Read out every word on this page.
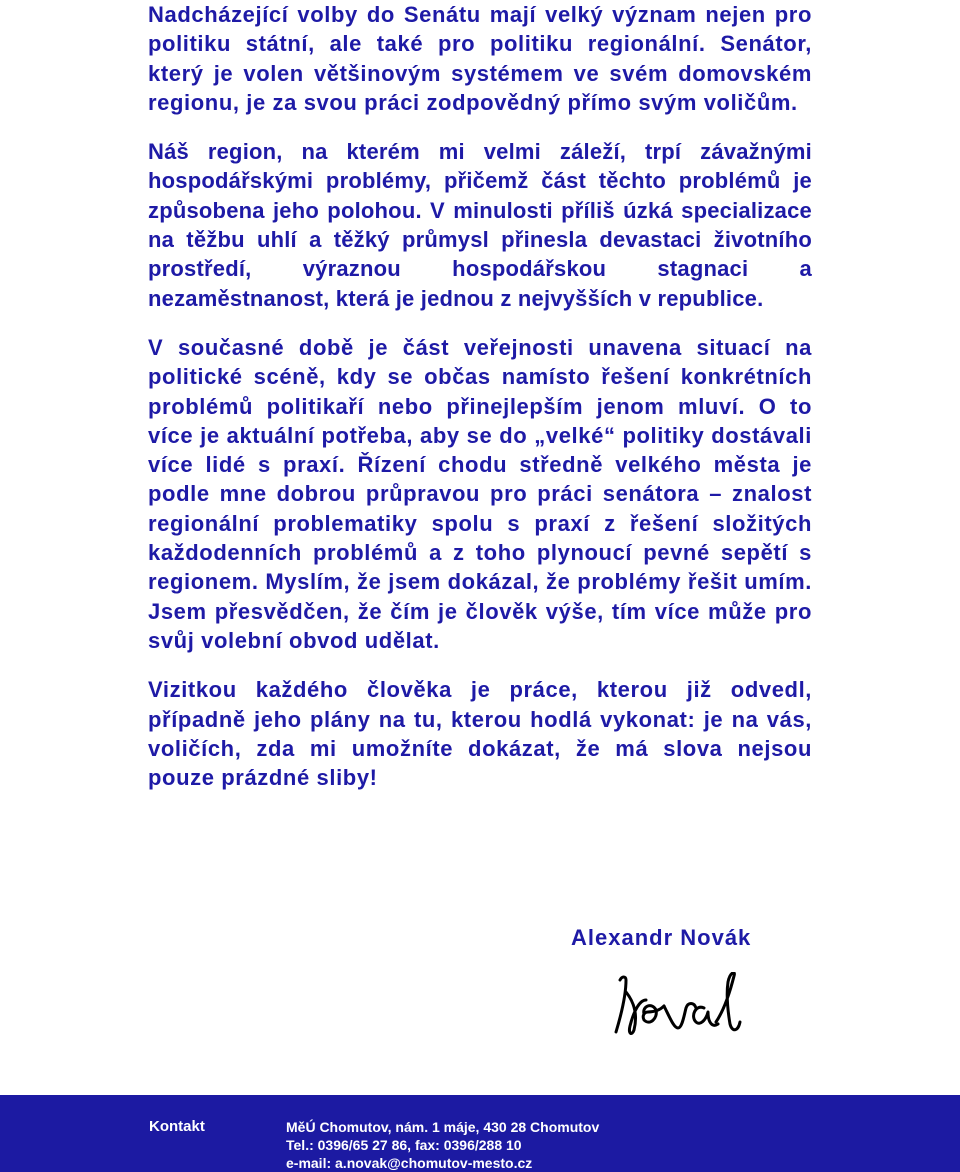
Nadcházející volby do Senátu mají velký význam nejen pro politiku státní, ale také pro politiku regionální. Senátor, který je volen většinovým systémem ve svém domovském regionu, je za svou práci zodpovědný přímo svým voličům.

Náš region, na kterém mi velmi záleží, trpí závažnými hospodářskými problémy, přičemž část těchto problémů je způsobena jeho polohou. V minulosti příliš úzká specializace na těžbu uhlí a těžký průmysl přinesla devastaci životního prostředí, výraznou hospodářskou stagnaci a nezaměstnanost, která je jednou z nejvyšších v republice.

V současné době je část veřejnosti unavena situací na politické scéně, kdy se občas namísto řešení konkrétních problémů politikaří nebo přinejlepším jenom mluví. O to více je aktuální potřeba, aby se do „velké“ politiky dostávali více lidé s praxí. Řízení chodu středně velkého města je podle mne dobrou průpravou pro práci senátora – znalost regionální problematiky spolu s praxí z řešení složitých každodenních problémů a z toho plynoucí pevné sepětí s regionem. Myslím, že jsem dokázal, že problémy řešit umím. Jsem přesvědčen, že čím je člověk výše, tím více může pro svůj volební obvod udělat.

Vizitkou každého člověka je práce, kterou již odvedl, případně jeho plány na tu, kterou hodlá vykonat: je na vás, voličích, zda mi umožníte dokázat, že má slova nejsou pouze prázdné sliby!

Alexandr Novák
Kontakt	MěÚ Chomutov, nám. 1 máje, 430 28 Chomutov
Tel.: 0396/65 27 86, fax: 0396/288 10
e-mail: a.novak@chomutov-mesto.cz
